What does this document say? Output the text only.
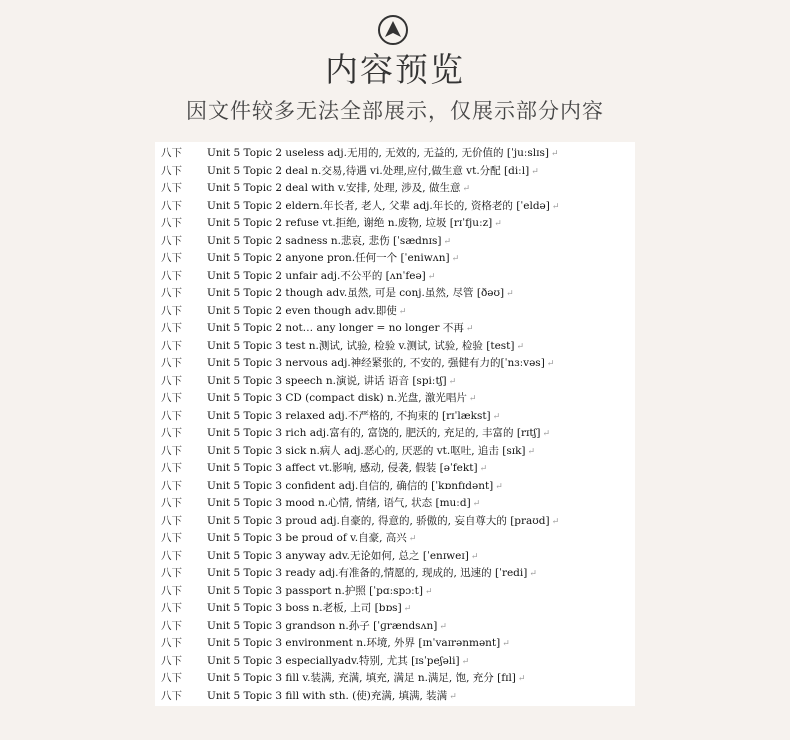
内容预览
因文件较多无法全部展示，仅展示部分内容
八下 Unit 5 Topic 2 useless adj.无用的, 无效的, 无益的, 无价值的 [ˈjuːslɪs] ↵
八下 Unit 5 Topic 2 deal n.交易,待遇 vi.处理,应付,做生意 vt.分配 [diːl] ↵
八下 Unit 5 Topic 2 deal with v.安排, 处理, 涉及, 做生意 ↵
八下 Unit 5 Topic 2 eldern.年长者, 老人, 父辈 adj.年长的, 资格老的 [ˈeldə] ↵
八下 Unit 5 Topic 2 refuse vt.拒绝, 谢绝 n.废物, 垃圾 [rɪˈfjuːz] ↵
八下 Unit 5 Topic 2 sadness n.悲哀, 悲伤 [ˈsædnɪs] ↵
八下 Unit 5 Topic 2 anyone pron.任何一个 [ˈeniwʌn] ↵
八下 Unit 5 Topic 2 unfair adj.不公平的 [ʌnˈfeə] ↵
八下 Unit 5 Topic 2 though adv.虽然, 可是 conj.虽然, 尽管 [ðəʊ] ↵
八下 Unit 5 Topic 2 even though adv.即使 ↵
八下 Unit 5 Topic 2 not… any longer = no longer 不再 ↵
八下 Unit 5 Topic 3 test n.测试, 试验, 检验 v.测试, 试验, 检验 [test] ↵
八下 Unit 5 Topic 3 nervous adj.神经紧张的, 不安的, 强健有力的[ˈnɜːvəs] ↵
八下 Unit 5 Topic 3 speech n.演说, 讲话 语音 [spiːtʃ] ↵
八下 Unit 5 Topic 3 CD (compact disk) n.光盘, 激光唱片 ↵
八下 Unit 5 Topic 3 relaxed adj.不严格的, 不拘束的 [rɪˈlækst] ↵
八下 Unit 5 Topic 3 rich adj.富有的, 富饶的, 肥沃的, 充足的, 丰富的 [rɪtʃ] ↵
八下 Unit 5 Topic 3 sick n.病人 adj.恶心的, 厌恶的 vt.呕吐, 追击 [sɪk] ↵
八下 Unit 5 Topic 3 affect vt.影响, 感动, 侵袭, 假装 [əˈfekt] ↵
八下 Unit 5 Topic 3 confident adj.自信的, 确信的 [ˈkɒnfɪdənt] ↵
八下 Unit 5 Topic 3 mood n.心情, 情绪, 语气, 状态 [muːd] ↵
八下 Unit 5 Topic 3 proud adj.自豪的, 得意的, 骄傲的, 妄自尊大的 [praʊd] ↵
八下 Unit 5 Topic 3 be proud of v.自豪, 高兴 ↵
八下 Unit 5 Topic 3 anyway adv.无论如何, 总之 [ˈenɪweɪ] ↵
八下 Unit 5 Topic 3 ready adj.有准备的,情愿的, 现成的, 迅速的 [ˈredi] ↵
八下 Unit 5 Topic 3 passport n.护照 [ˈpɑːspɔːt] ↵
八下 Unit 5 Topic 3 boss n.老板, 上司 [bɒs] ↵
八下 Unit 5 Topic 3 grandson n.孙子 [ˈɡrændsʌn] ↵
八下 Unit 5 Topic 3 environment n.环境, 外界 [ɪnˈvaɪrənmənt] ↵
八下 Unit 5 Topic 3 especiallyadv.特别, 尤其 [ɪsˈpeʃəli] ↵
八下 Unit 5 Topic 3 fill v.装满, 充满, 填充, 满足 n.满足, 饱, 充分 [fɪl] ↵
八下 Unit 5 Topic 3 fill with sth. (使)充满, 填满, 装满 ↵
